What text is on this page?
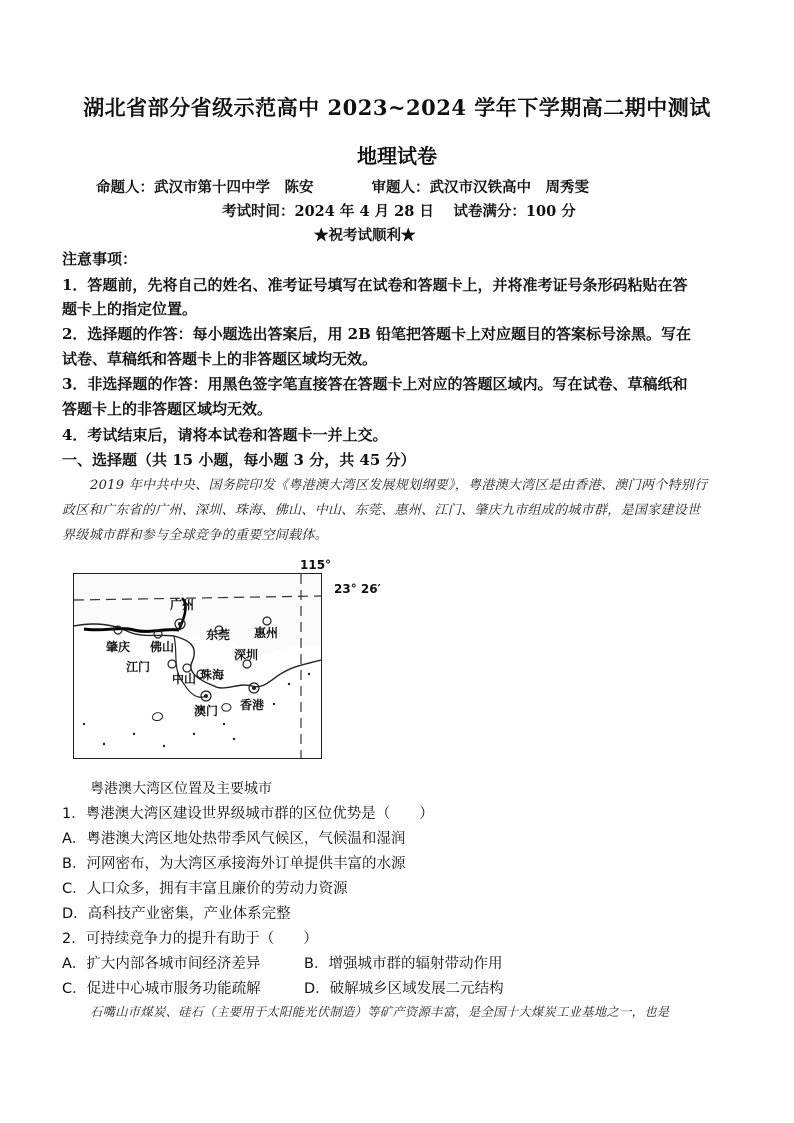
湖北省部分省级示范高中 2023~2024 学年下学期高二期中测试
地理试卷
命题人：武汉市第十四中学　陈安　　　　审题人：武汉市汉铁高中　周秀雯
考试时间：2024 年 4 月 28 日　 试卷满分：100 分
★祝考试顺利★
注意事项：
1．答题前，先将自己的姓名、准考证号填写在试卷和答题卡上，并将准考证号条形码粘贴在答
题卡上的指定位置。
2．选择题的作答：每小题选出答案后，用 2B 铅笔把答题卡上对应题目的答案标号涂黑。写在
试卷、草稿纸和答题卡上的非答题区域均无效。
3．非选择题的作答：用黑色签字笔直接答在答题卡上对应的答题区域内。写在试卷、草稿纸和
答题卡上的非答题区域均无效。
4．考试结束后，请将本试卷和答题卡一并上交。
一、选择题（共 15 小题，每小题 3 分，共 45 分）
2019 年中共中央、国务院印发《粤港澳大湾区发展规划纲要》，粤港澳大湾区是由香港、澳门两个特别行
政区和广东省的广州、深圳、珠海、佛山、中山、东莞、惠州、江门、肇庆九市组成的城市群，是国家建设世
界级城市群和参与全球竞争的重要空间载体。
115°
广州
肇庆 佛山
东莞 惠州
深圳
江门
中山 珠海
澳门 香港
23° 26′
粤港澳大湾区位置及主要城市
1．粤港澳大湾区建设世界级城市群的区位优势是（　　）
A．粤港澳大湾区地处热带季风气候区，气候温和湿润
B．河网密布，为大湾区承接海外订单提供丰富的水源
C．人口众多，拥有丰富且廉价的劳动力资源
D．高科技产业密集，产业体系完整
2．可持续竞争力的提升有助于（　　）
A．扩大内部各城市间经济差异	B．增强城市群的辐射带动作用
C．促进中心城市服务功能疏解	D．破解城乡区域发展二元结构
石嘴山市煤炭、硅石（主要用于太阳能光伏制造）等矿产资源丰富，是全国十大煤炭工业基地之一，也是
